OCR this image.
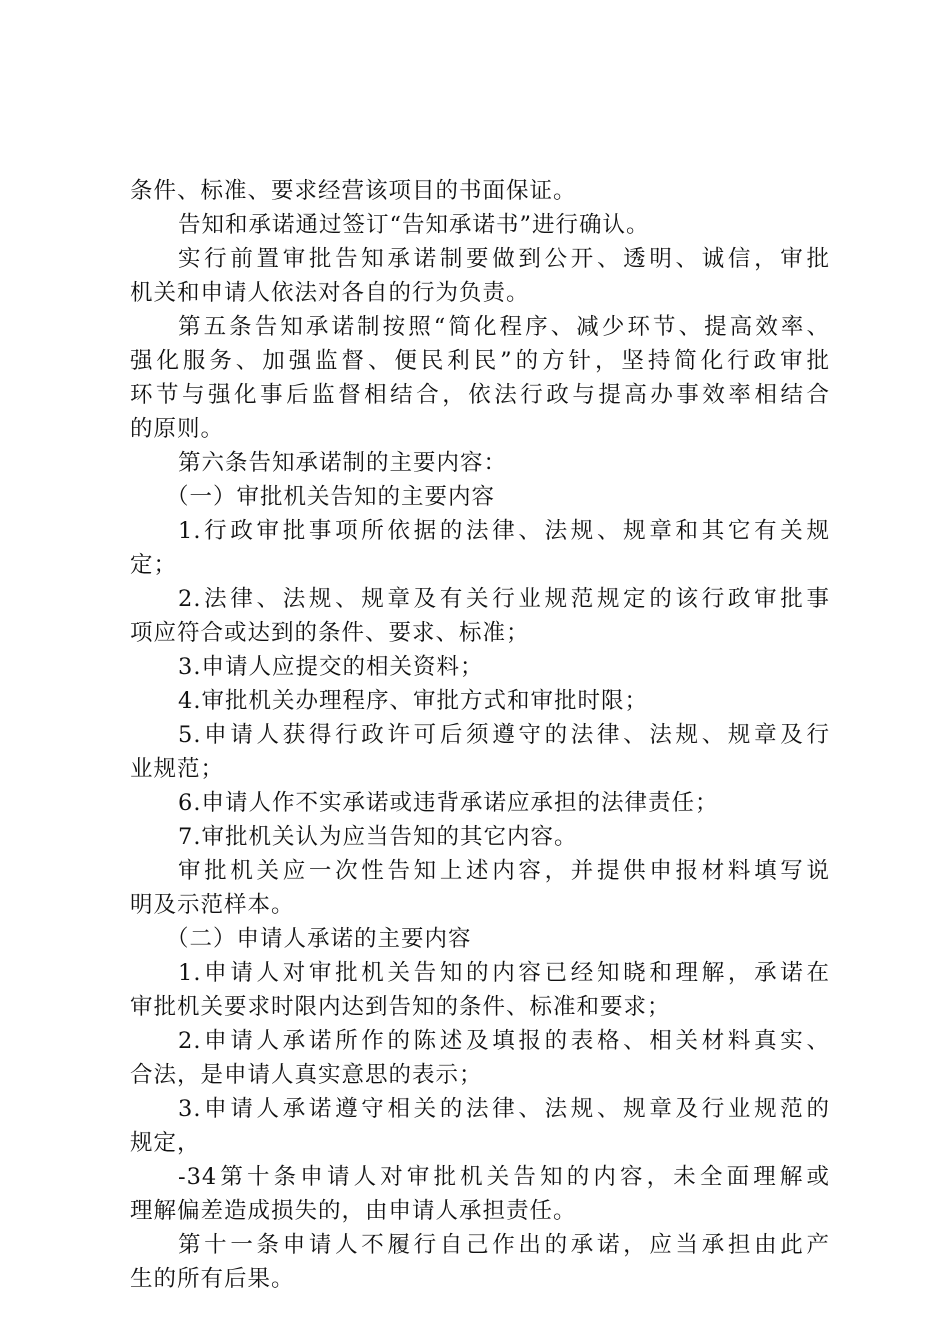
条件、标准、要求经营该项目的书面保证。
告知和承诺通过签订“告知承诺书”进行确认。
实行前置审批告知承诺制要做到公开、透明、诚信，审批
机关和申请人依法对各自的行为负责。
第五条告知承诺制按照“简化程序、减少环节、提高效率、
强化服务、加强监督、便民利民”的方针，坚持简化行政审批
环节与强化事后监督相结合，依法行政与提高办事效率相结合
的原则。
第六条告知承诺制的主要内容：
（一）审批机关告知的主要内容
1.行政审批事项所依据的法律、法规、规章和其它有关规
定；
2.法律、法规、规章及有关行业规范规定的该行政审批事
项应符合或达到的条件、要求、标准；
3.申请人应提交的相关资料；
4.审批机关办理程序、审批方式和审批时限；
5.申请人获得行政许可后须遵守的法律、法规、规章及行
业规范；
6.申请人作不实承诺或违背承诺应承担的法律责任；
7.审批机关认为应当告知的其它内容。
审批机关应一次性告知上述内容，并提供申报材料填写说
明及示范样本。
（二）申请人承诺的主要内容
1.申请人对审批机关告知的内容已经知晓和理解，承诺在
审批机关要求时限内达到告知的条件、标准和要求；
2.申请人承诺所作的陈述及填报的表格、相关材料真实、
合法，是申请人真实意思的表示；
3.申请人承诺遵守相关的法律、法规、规章及行业规范的
规定，
-34第十条申请人对审批机关告知的内容，未全面理解或
理解偏差造成损失的，由申请人承担责任。
第十一条申请人不履行自己作出的承诺，应当承担由此产
生的所有后果。
